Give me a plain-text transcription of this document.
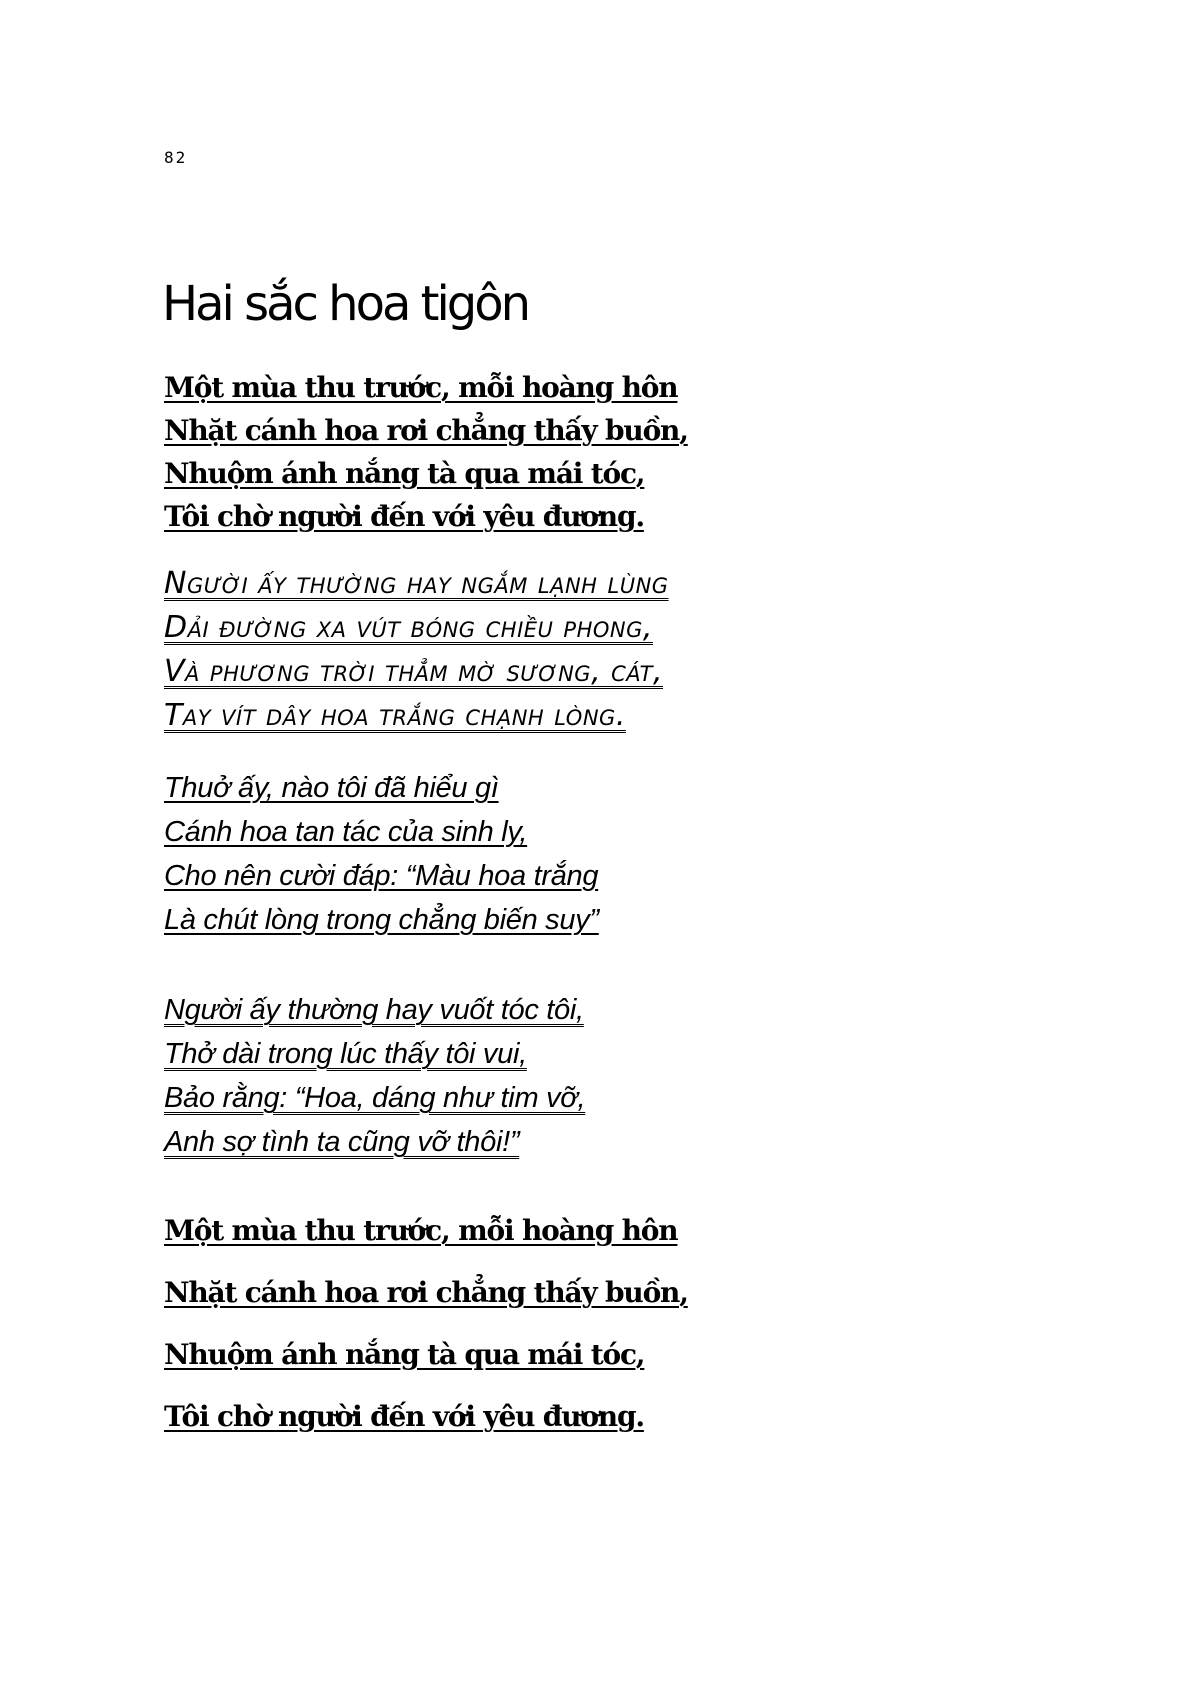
82
Hai sắc hoa tigôn
Một mùa thu trước, mỗi hoàng hôn
Nhặt cánh hoa rơi chẳng thấy buồn,
Nhuộm ánh nắng tà qua mái tóc,
Tôi chờ người đến với yêu đương.
Người ấy thường hay ngắm lạnh lùng
Dải đường xa vút bóng chiều phong,
Và phương trời thẳm mờ sương, cát,
Tay vít dây hoa trắng chạnh lòng.
Thuở ấy, nào tôi đã hiểu gì
Cánh hoa tan tác của sinh ly,
Cho nên cười đáp: “Màu hoa trắng
Là chút lòng trong chẳng biến suy”
Người ấy thường hay vuốt tóc tôi,
Thở dài trong lúc thấy tôi vui,
Bảo rằng: “Hoa, dáng như tim vỡ,
Anh sợ tình ta cũng vỡ thôi!”
Một mùa thu trước, mỗi hoàng hôn
Nhặt cánh hoa rơi chẳng thấy buồn,
Nhuộm ánh nắng tà qua mái tóc,
Tôi chờ người đến với yêu đương.
